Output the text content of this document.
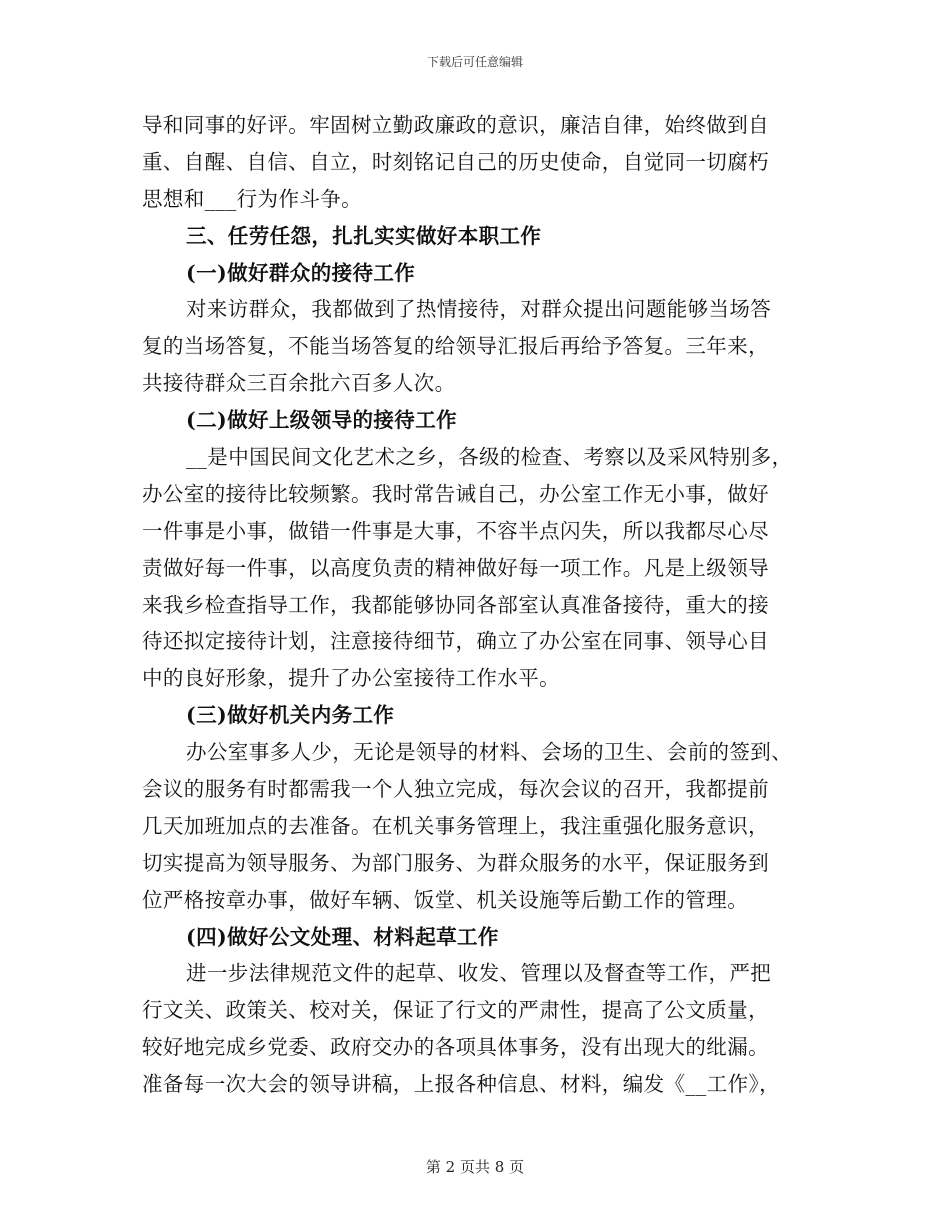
下载后可任意编辑
导和同事的好评。牢固树立勤政廉政的意识，廉洁自律，始终做到自
重、自醒、自信、自立，时刻铭记自己的历史使命，自觉同一切腐朽
思想和___行为作斗争。
三、任劳任怨，扎扎实实做好本职工作
(一)做好群众的接待工作
对来访群众，我都做到了热情接待，对群众提出问题能够当场答
复的当场答复，不能当场答复的给领导汇报后再给予答复。三年来，
共接待群众三百余批六百多人次。
(二)做好上级领导的接待工作
__是中国民间文化艺术之乡，各级的检查、考察以及采风特别多，
办公室的接待比较频繁。我时常告诫自己，办公室工作无小事，做好
一件事是小事，做错一件事是大事，不容半点闪失，所以我都尽心尽
责做好每一件事，以高度负责的精神做好每一项工作。凡是上级领导
来我乡检查指导工作，我都能够协同各部室认真准备接待，重大的接
待还拟定接待计划，注意接待细节，确立了办公室在同事、领导心目
中的良好形象，提升了办公室接待工作水平。
(三)做好机关内务工作
办公室事多人少，无论是领导的材料、会场的卫生、会前的签到、
会议的服务有时都需我一个人独立完成，每次会议的召开，我都提前
几天加班加点的去准备。在机关事务管理上，我注重强化服务意识，
切实提高为领导服务、为部门服务、为群众服务的水平，保证服务到
位严格按章办事，做好车辆、饭堂、机关设施等后勤工作的管理。
(四)做好公文处理、材料起草工作
进一步法律规范文件的起草、收发、管理以及督查等工作，严把
行文关、政策关、校对关，保证了行文的严肃性，提高了公文质量，
较好地完成乡党委、政府交办的各项具体事务，没有出现大的纰漏。
准备每一次大会的领导讲稿，上报各种信息、材料，编发《__工作》，
第 2 页共 8 页
